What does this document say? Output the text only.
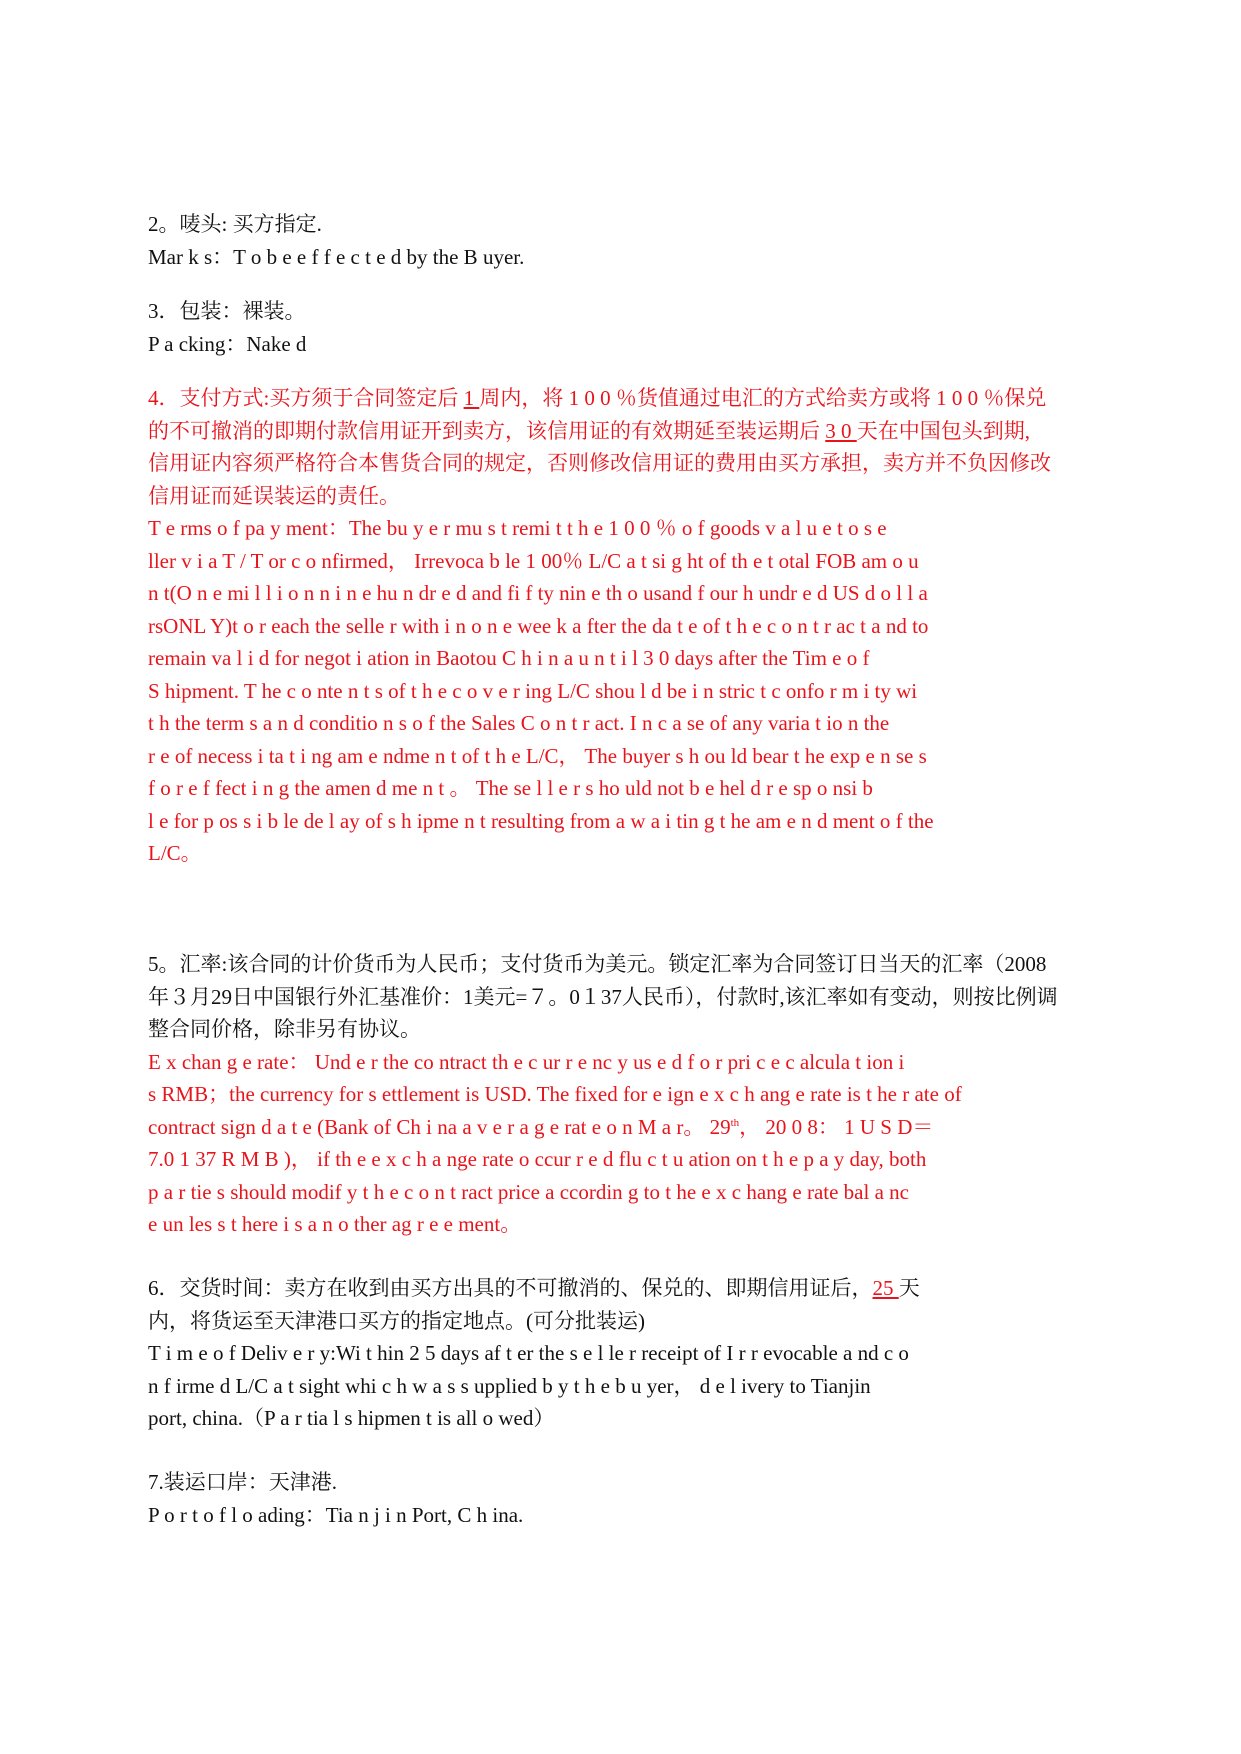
2。唛头: 买方指定.
Mar k s：T o b e e f f e c t e d by the B uyer.
3．包装：裸装。
P a cking：Nake d
4．支付方式:买方须于合同签定后 1 周内，将 1 0 0 ％货值通过电汇的方式给卖方或将 1 0 0 ％保兑
的不可撤消的即期付款信用证开到卖方，该信用证的有效期延至装运期后 3 0 天在中国包头到期,
信用证内容须严格符合本售货合同的规定，否则修改信用证的费用由买方承担，卖方并不负因修改
信用证而延误装运的责任。
T e rms o f pa y ment：The bu y e r mu s t remi t t h e 1 0 0 ％ o f goods v a l u e t o s e
ller v i a T / T or c o nfirmed， Irrevoca b le 1 00％ L/C a t si g ht of th e t otal FOB am o u
n t(O n e mi l l i o n n i n e hu n dr e d and fi f ty nin e th o usand f our h undr e d US d o l l a
rsONL Y)t o r each the selle r with i n o n e wee k a fter the da t e of t h e c o n t r ac t a nd to
remain va l i d for negot i ation in Baotou C h i n a u n t i l 3 0 days after the Tim e o f
S hipment. T he c o nte n t s of t h e c o v e r ing L/C shou l d be i n stric t c onfo r m i ty wi
t h the term s a n d conditio n s o f the Sales C o n t r act. I n c a se of any varia t io n the
r e of necess i ta t i ng am e ndme n t of t h e L/C， The buyer s h ou ld bear t he exp e n se s
f o r e f fect i n g the amen d me n t 。 The se l l e r s ho uld not b e hel d r e sp o nsi b
l e for p os s i b le de l ay of s h ipme n t resulting from a w a i tin g t he am e n d ment o f the
L/C。
5。汇率:该合同的计价货币为人民币；支付货币为美元。锁定汇率为合同签订日当天的汇率（2008
年３月29日中国银行外汇基准价：1美元=７。0１37人民币），付款时,该汇率如有变动，则按比例调
整合同价格，除非另有协议。
E x chan g e rate： Und e r the co ntract th e c ur r e nc y us e d f o r pri c e c alcula t ion i
s RMB；the currency for s ettlement is USD. The fixed for e ign e x c h ang e rate is t he r ate of
contract sign d a t e (Bank of Ch i na a v e r a g e rat e o n M a r。 29th， 20 0 8： 1 U S D＝
7.0 1 37 R M B )， if th e e x c h a nge rate o ccur r e d flu c t u ation on t h e p a y day, both
p a r tie s should modif y t h e c o n t ract price a ccordin g to t he e x c hang e rate bal a nc
e un les s t here i s a n o ther ag r e e ment。
6．交货时间：卖方在收到由买方出具的不可撤消的、保兑的、即期信用证后，25 天
内，将货运至天津港口买方的指定地点。(可分批装运)
T i m e o f Deliv e r y:Wi t hin 2 5 days af t er the s e l le r receipt of I r r evocable a nd c o
n f irme d L/C a t sight whi c h w a s s upplied b y t h e b u yer， d e l ivery to Tianjin
port, china.（P a r tia l s hipmen t is all o wed）
7.装运口岸：天津港.
P o r t o f l o ading：Tia n j i n Port, C h ina.
